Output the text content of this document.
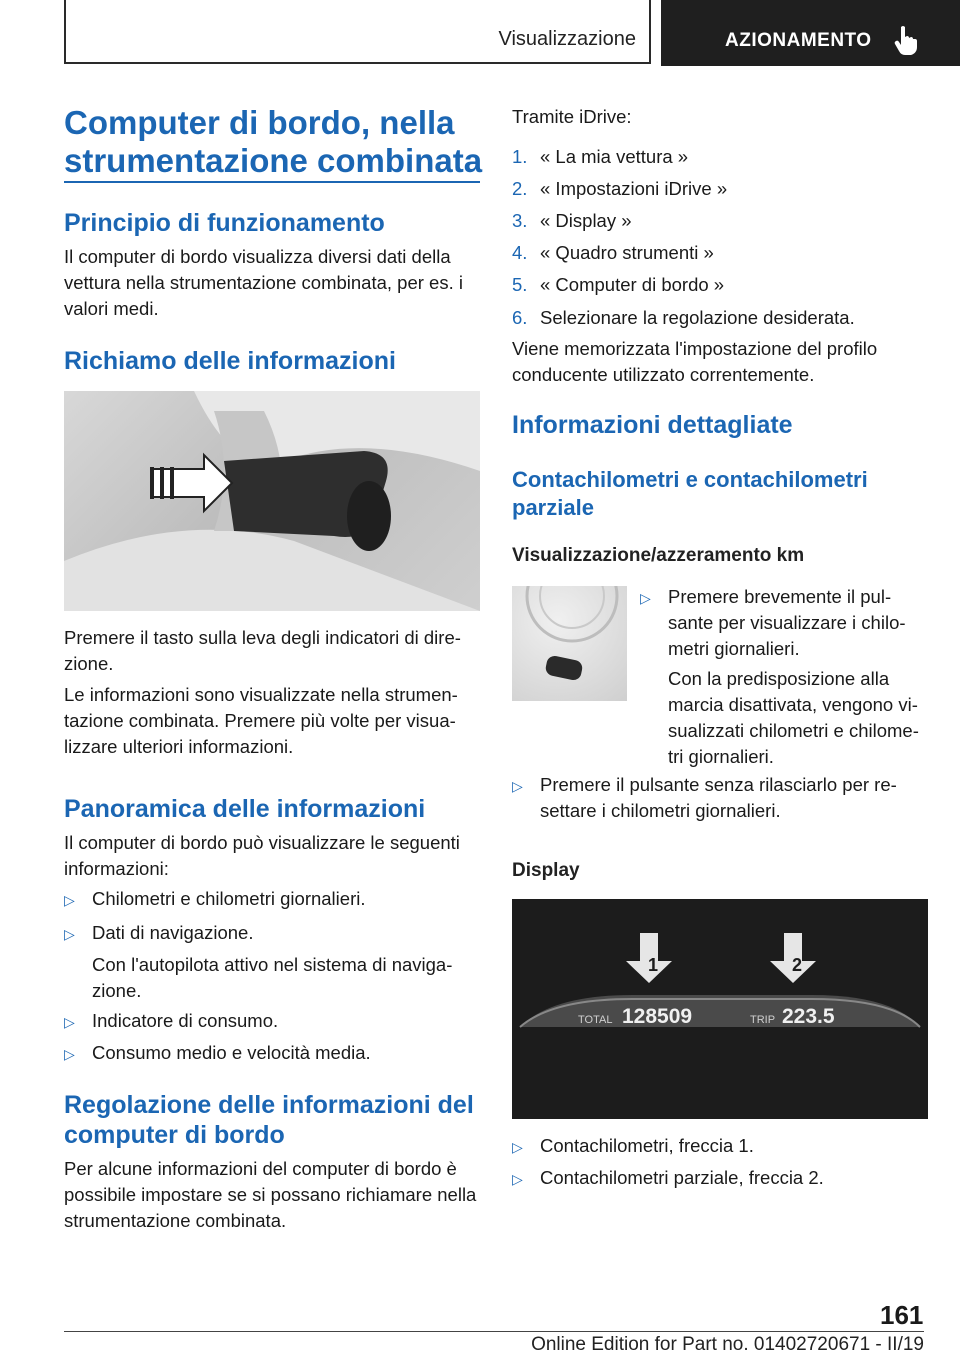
Visualizzazione	AZIONAMENTO
Computer di bordo, nella strumentazione combinata
Principio di funzionamento
Il computer di bordo visualizza diversi dati della vettura nella strumentazione combinata, per es. i valori medi.
Richiamo delle informazioni
Premere il tasto sulla leva degli indicatori di dire-zione.
Le informazioni sono visualizzate nella strumen-tazione combinata. Premere più volte per visua-lizzare ulteriori informazioni.
Panoramica delle informazioni
Il computer di bordo può visualizzare le seguenti informazioni:
▷ Chilometri e chilometri giornalieri.
▷ Dati di navigazione.
Con l'autopilota attivo nel sistema di naviga-zione.
▷ Indicatore di consumo.
▷ Consumo medio e velocità media.
Regolazione delle informazioni del computer di bordo
Per alcune informazioni del computer di bordo è possibile impostare se si possano richiamare nella strumentazione combinata.
Tramite iDrive:
1. « La mia vettura »
2. « Impostazioni iDrive »
3. « Display »
4. « Quadro strumenti »
5. « Computer di bordo »
6. Selezionare la regolazione desiderata.
Viene memorizzata l'impostazione del profilo conducente utilizzato correntemente.
Informazioni dettagliate
Contachilometri e contachilometri parziale
Visualizzazione/azzeramento km
▷ Premere brevemente il pul-sante per visualizzare i chilo-metri giornalieri.
Con la predisposizione alla marcia disattivata, vengono vi-sualizzati chilometri e chilome-tri giornalieri.
▷ Premere il pulsante senza rilasciarlo per re-settare i chilometri giornalieri.
Display
1	2
TOTAL 128509	TRIP 223.5
▷ Contachilometri, freccia 1.
▷ Contachilometri parziale, freccia 2.
161
Online Edition for Part no. 01402720671 - II/19
